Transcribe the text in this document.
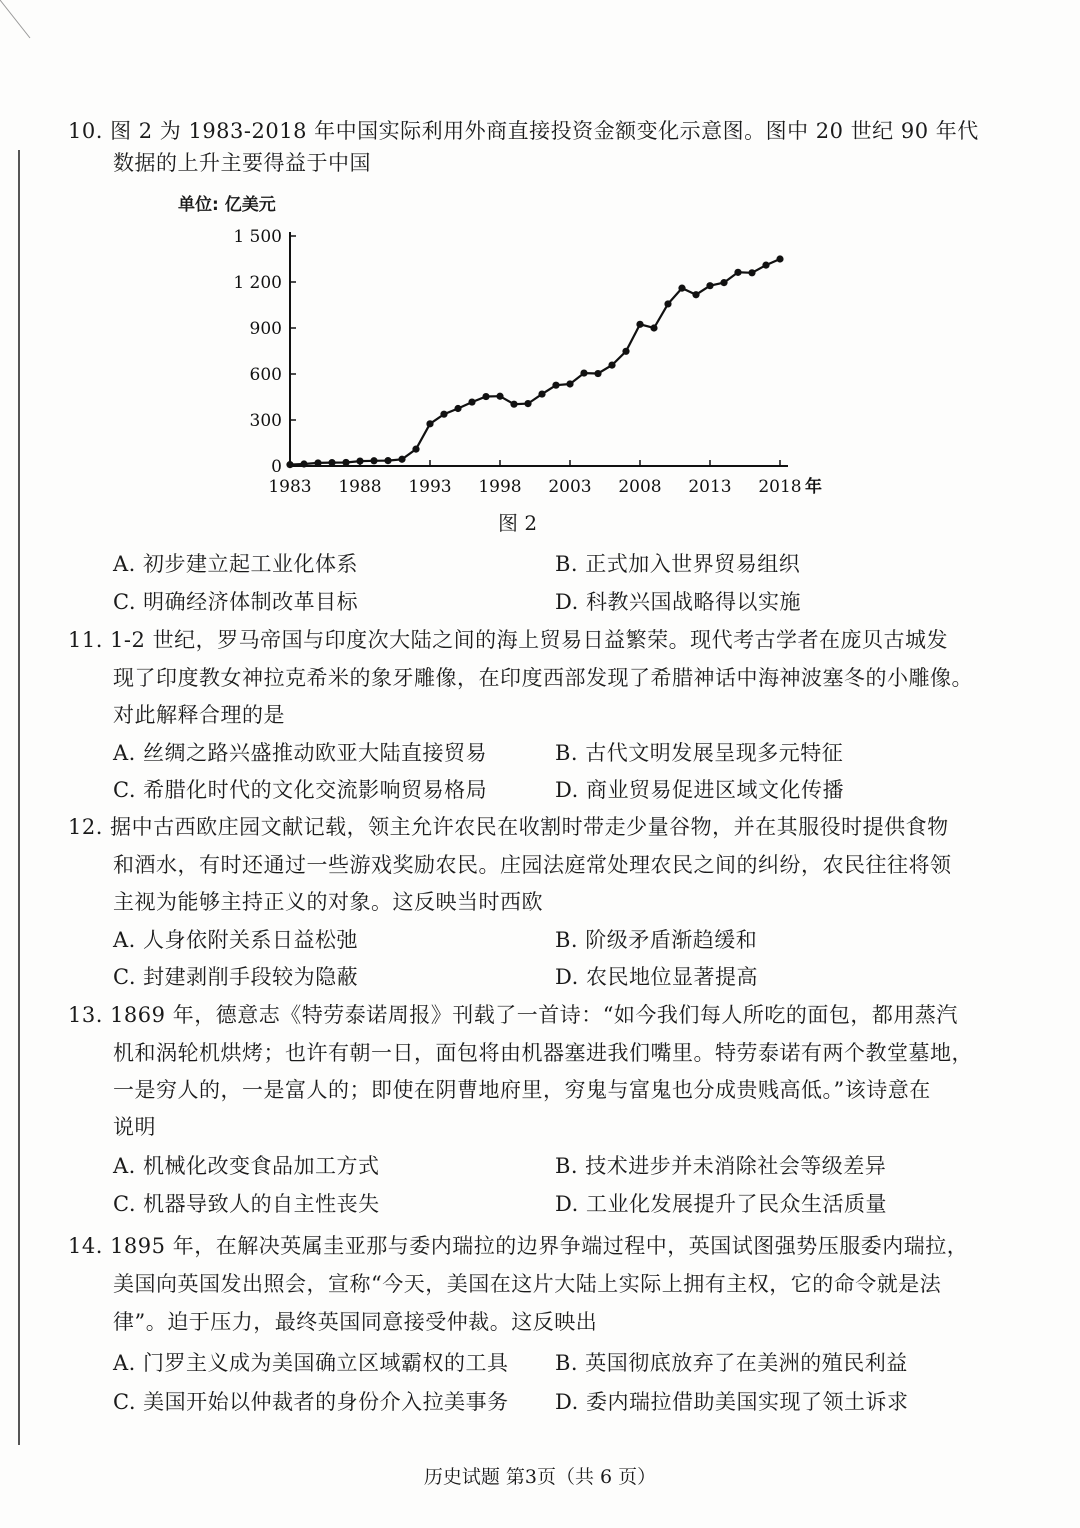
10. 图 2 为 1983-2018 年中国实际利用外商直接投资金额变化示意图。图中 20 世纪 90 年代
数据的上升主要得益于中国
单位: 亿美元
0
300
600
900
1 200
1 500
1983 1988 1993 1998 2003 2008 2013 2018 年
图 2
A. 初步建立起工业化体系	B. 正式加入世界贸易组织
C. 明确经济体制改革目标	D. 科教兴国战略得以实施
11. 1-2 世纪，罗马帝国与印度次大陆之间的海上贸易日益繁荣。现代考古学者在庞贝古城发
现了印度教女神拉克希米的象牙雕像，在印度西部发现了希腊神话中海神波塞冬的小雕像。
对此解释合理的是
A. 丝绸之路兴盛推动欧亚大陆直接贸易	B. 古代文明发展呈现多元特征
C. 希腊化时代的文化交流影响贸易格局	D. 商业贸易促进区域文化传播
12. 据中古西欧庄园文献记载，领主允许农民在收割时带走少量谷物，并在其服役时提供食物
和酒水，有时还通过一些游戏奖励农民。庄园法庭常处理农民之间的纠纷，农民往往将领
主视为能够主持正义的对象。这反映当时西欧
A. 人身依附关系日益松弛	B. 阶级矛盾渐趋缓和
C. 封建剥削手段较为隐蔽	D. 农民地位显著提高
13. 1869 年，德意志《特劳泰诺周报》刊载了一首诗：“如今我们每人所吃的面包，都用蒸汽
机和涡轮机烘烤；也许有朝一日，面包将由机器塞进我们嘴里。特劳泰诺有两个教堂墓地，
一是穷人的，一是富人的；即使在阴曹地府里，穷鬼与富鬼也分成贵贱高低。”该诗意在
说明
A. 机械化改变食品加工方式	B. 技术进步并未消除社会等级差异
C. 机器导致人的自主性丧失	D. 工业化发展提升了民众生活质量
14. 1895 年，在解决英属圭亚那与委内瑞拉的边界争端过程中，英国试图强势压服委内瑞拉，
美国向英国发出照会，宣称“今天，美国在这片大陆上实际上拥有主权，它的命令就是法
律”。迫于压力，最终英国同意接受仲裁。这反映出
A. 门罗主义成为美国确立区域霸权的工具 B. 英国彻底放弃了在美洲的殖民利益
C. 美国开始以仲裁者的身份介入拉美事务 D. 委内瑞拉借助美国实现了领土诉求
历史试题 第3页（共 6 页）
